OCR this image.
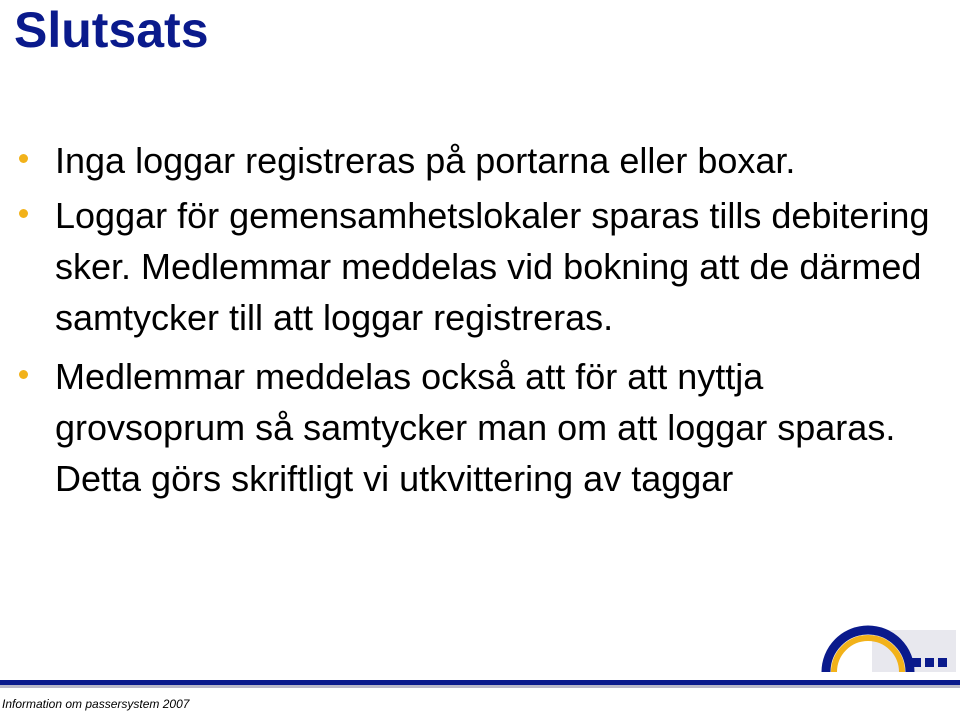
Slutsats
Inga loggar registreras på portarna eller boxar.
Loggar för gemensamhetslokaler sparas tills debitering sker. Medlemmar meddelas vid bokning att de därmed samtycker till att loggar registreras.
Medlemmar meddelas också att för att nyttja grovsoprum så samtycker man om att loggar sparas. Detta görs skriftligt vi utkvittering av taggar
Information om passersystem 2007
